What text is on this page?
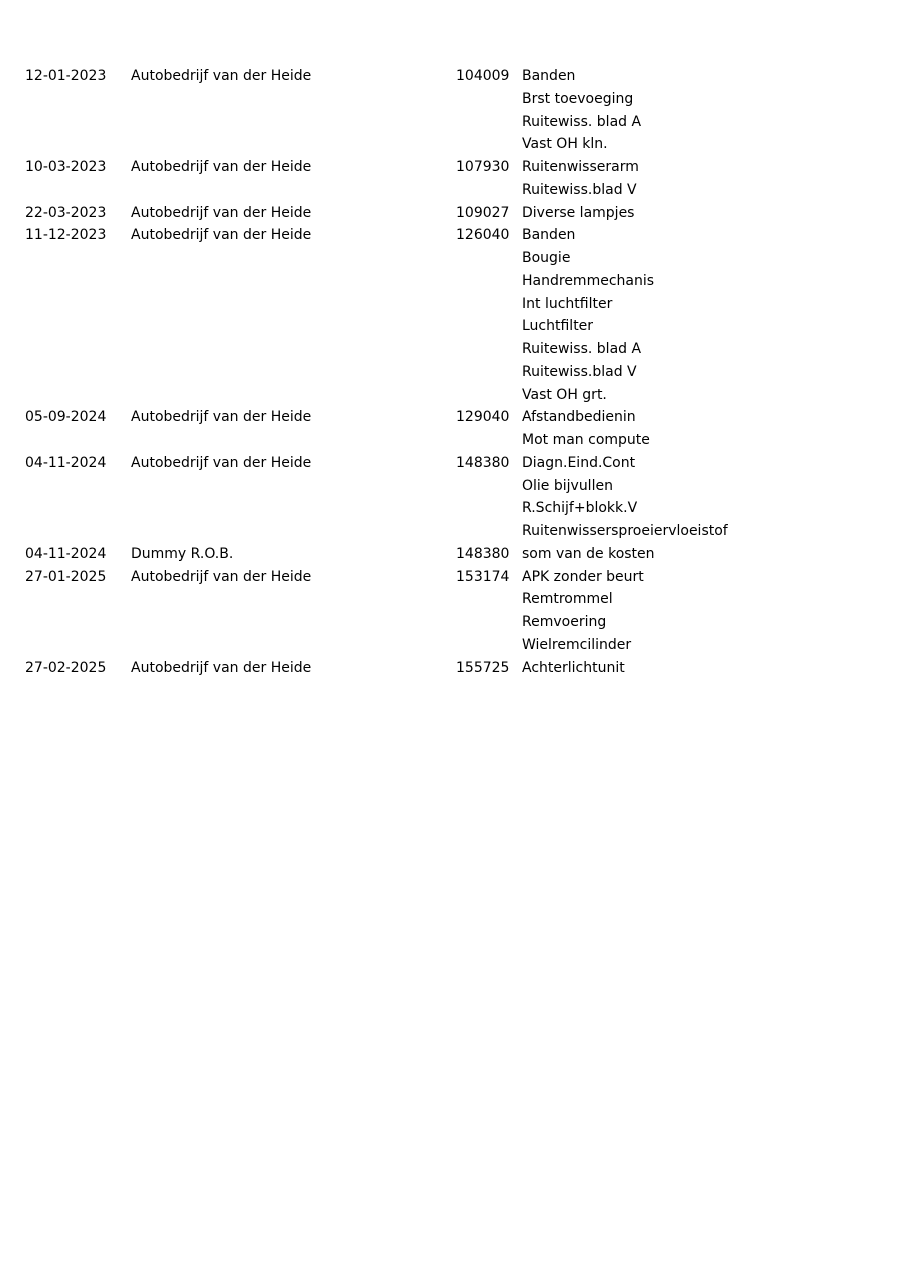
12-01-2023 Autobedrijf van der Heide	104009 Banden
Brst toevoeging
Ruitewiss. blad A
Vast OH kln.
10-03-2023 Autobedrijf van der Heide	107930 Ruitenwisserarm
Ruitewiss.blad V
22-03-2023 Autobedrijf van der Heide	109027 Diverse lampjes
11-12-2023 Autobedrijf van der Heide	126040 Banden
Bougie
Handremmechanis
Int luchtfilter
Luchtfilter
Ruitewiss. blad A
Ruitewiss.blad V
Vast OH grt.
05-09-2024 Autobedrijf van der Heide	129040 Afstandbedienin
Mot man compute
04-11-2024 Autobedrijf van der Heide	148380 Diagn.Eind.Cont
Olie bijvullen
R.Schijf+blokk.V
Ruitenwissersproeiervloeistof
04-11-2024 Dummy R.O.B.	148380 som van de kosten
27-01-2025 Autobedrijf van der Heide	153174 APK zonder beurt
Remtrommel
Remvoering
Wielremcilinder
27-02-2025 Autobedrijf van der Heide	155725 Achterlichtunit
